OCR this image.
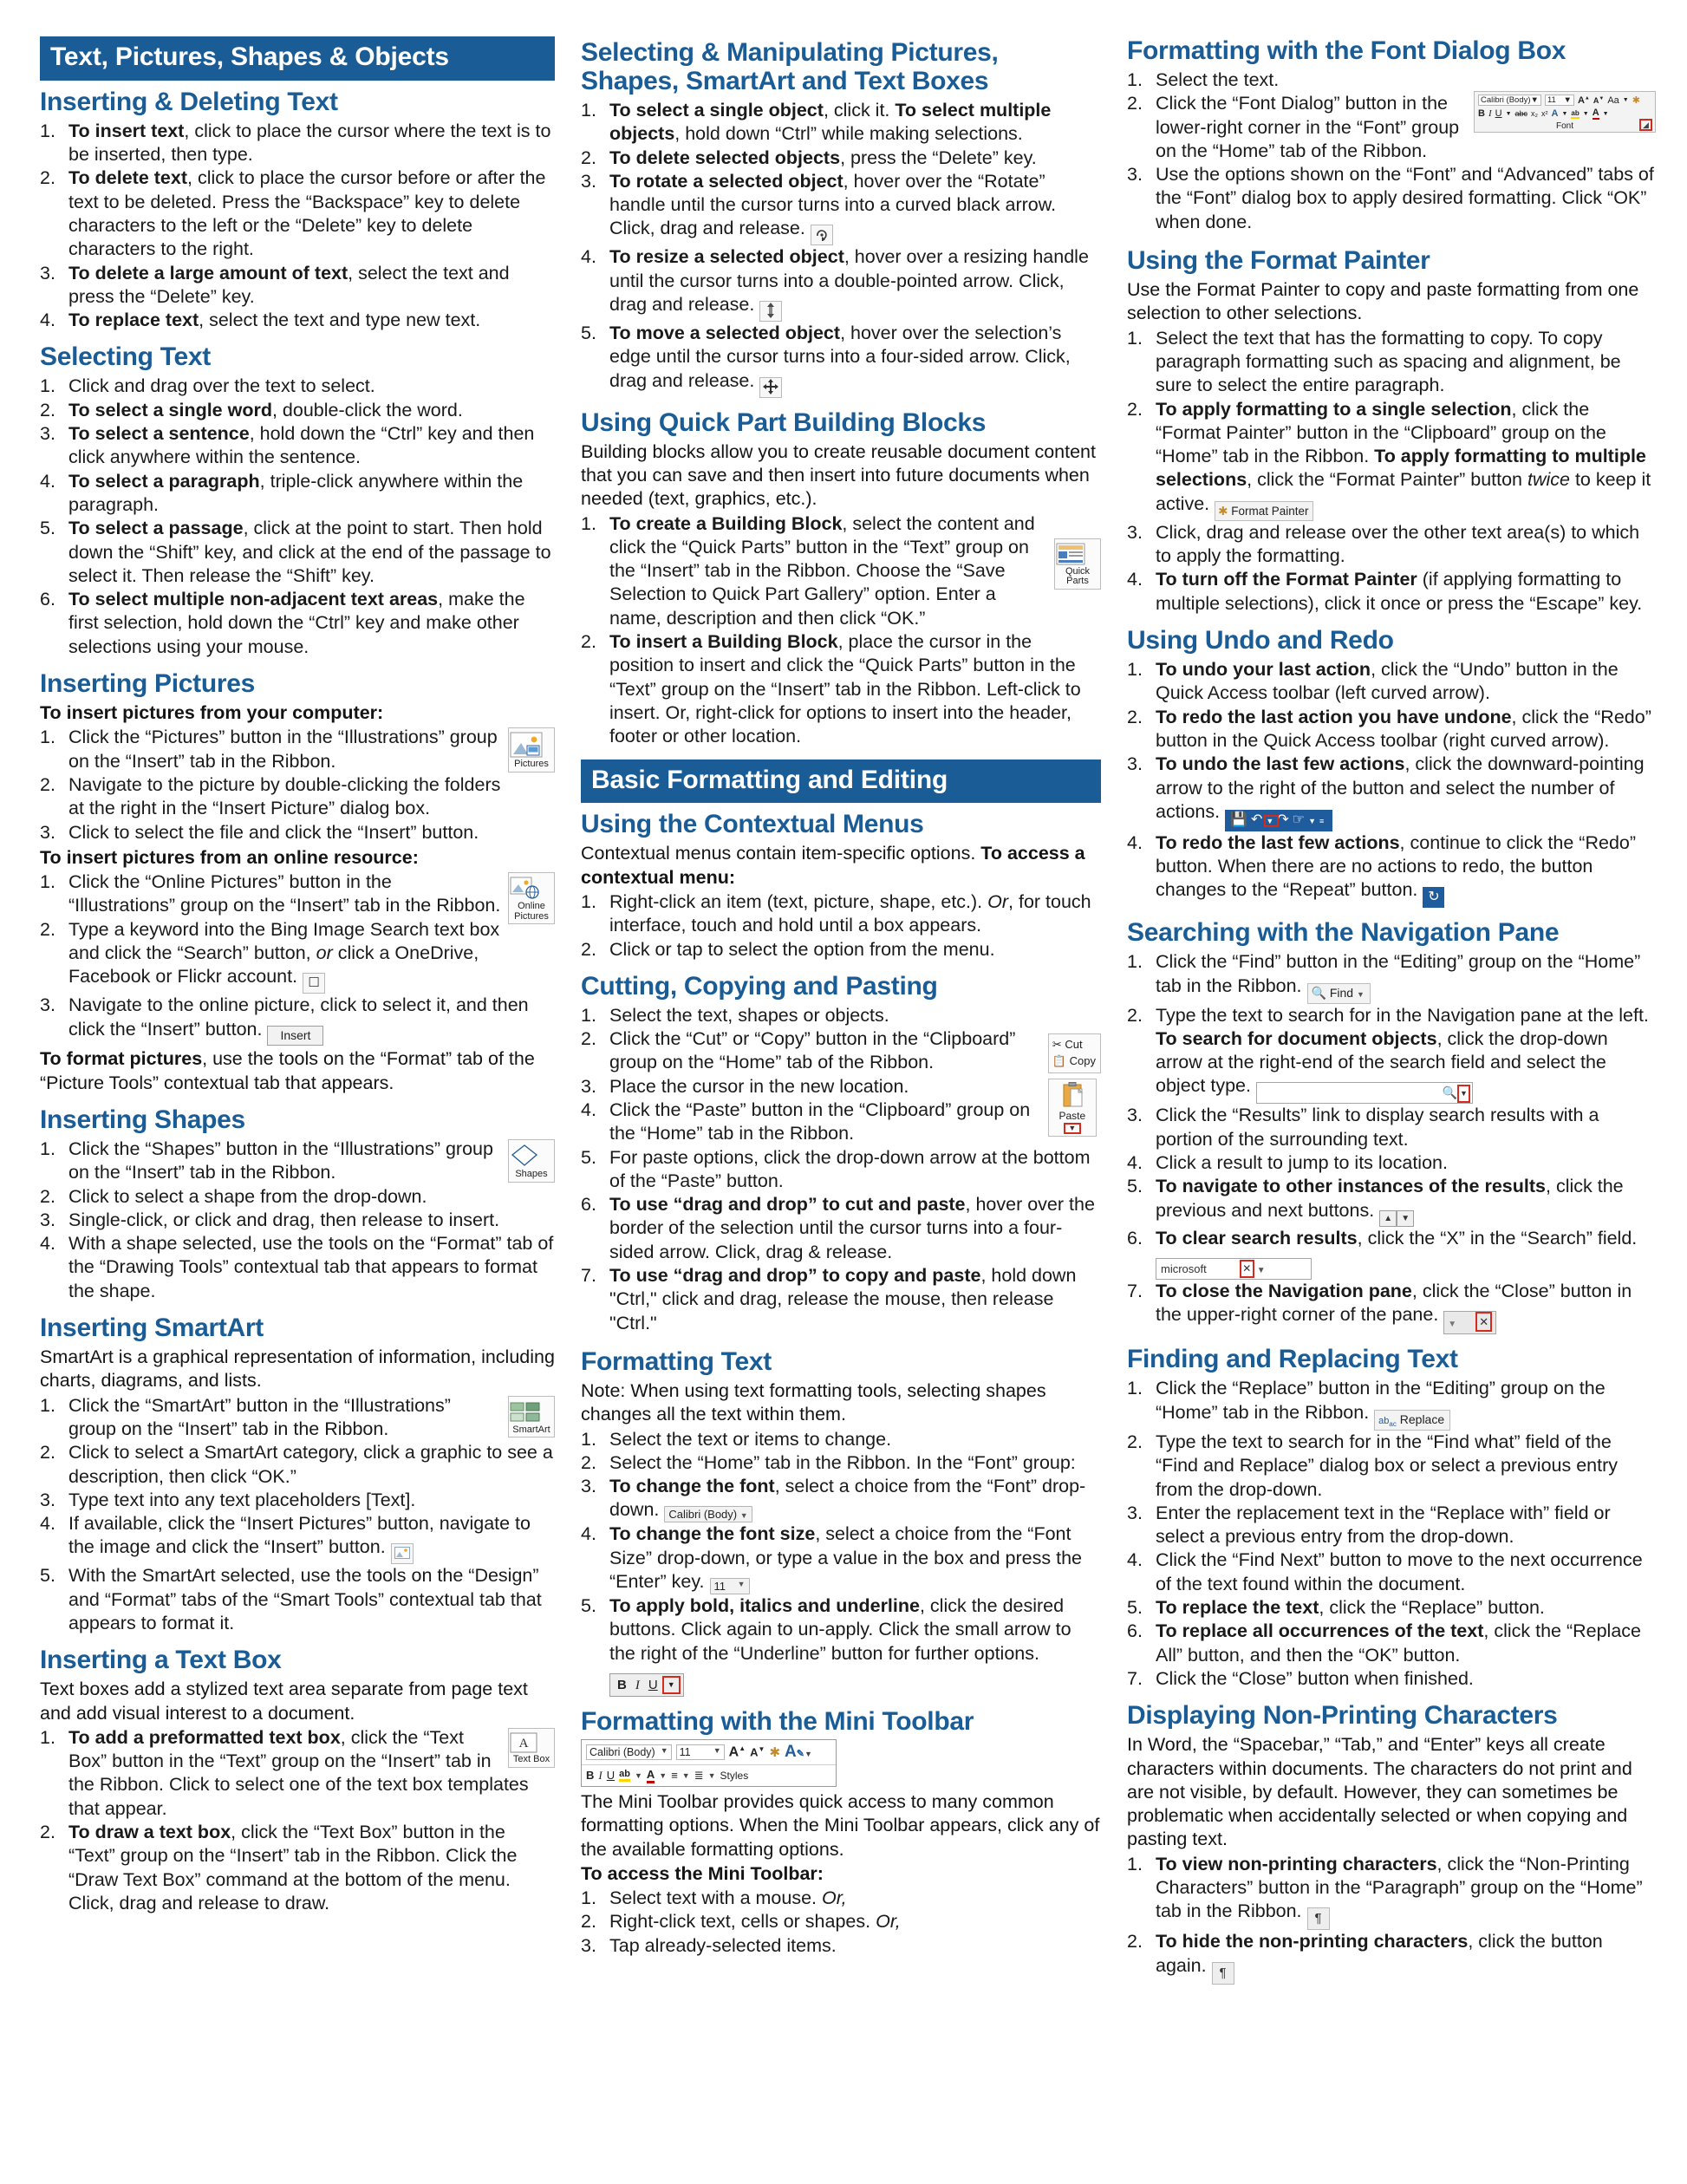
Text, Pictures, Shapes & Objects
Inserting & Deleting Text
To insert text, click to place the cursor where the text is to be inserted, then type.
To delete text, click to place the cursor before or after the text to be deleted. Press the “Backspace” key to delete characters to the left or the “Delete” key to delete characters to the right.
To delete a large amount of text, select the text and press the “Delete” key.
To replace text, select the text and type new text.
Selecting Text
Click and drag over the text to select.
To select a single word, double-click the word.
To select a sentence, hold down the “Ctrl” key and then click anywhere within the sentence.
To select a paragraph, triple-click anywhere within the paragraph.
To select a passage, click at the point to start. Then hold down the “Shift” key, and click at the end of the passage to select it. Then release the “Shift” key.
To select multiple non-adjacent text areas, make the first selection, hold down the “Ctrl” key and make other selections using your mouse.
Inserting Pictures

To insert pictures from your computer:

Pictures
Click the “Pictures” button in the “Illustrations” group on the “Insert” tab in the Ribbon.
Navigate to the picture by double-clicking the folders at the right in the “Insert Picture” dialog box.
Click to select the file and click the “Insert” button.

To insert pictures from an online resource:

Online Pictures
Click the “Online Pictures” button in the “Illustrations” group on the “Insert” tab in the Ribbon.
Type a keyword into the Bing Image Search text box and click the “Search” button, or click a OneDrive, Facebook or Flickr account. ☐
Navigate to the online picture, click to select it, and then click the “Insert” button. Insert

To format pictures, use the tools on the “Format” tab of the “Picture Tools” contextual tab that appears.

Inserting Shapes
Shapes
Click the “Shapes” button in the “Illustrations” group on the “Insert” tab in the Ribbon.
Click to select a shape from the drop-down.
Single-click, or click and drag, then release to insert.
With a shape selected, use the tools on the “Format” tab of the “Drawing Tools” contextual tab that appears to format the shape.
Inserting SmartArt

SmartArt is a graphical representation of information, including charts, diagrams, and lists.

SmartArt
Click the “SmartArt” button in the “Illustrations” group on the “Insert” tab in the Ribbon.
Click to select a SmartArt category, click a graphic to see a description, then click “OK.”
Type text into any text placeholders [Text].
If available, click the “Insert Pictures” button, navigate to the image and click the “Insert” button.
With the SmartArt selected, use the tools on the “Design” and “Format” tabs of the “Smart Tools” contextual tab that appears to format it.
Inserting a Text Box

Text boxes add a stylized text area separate from page text and add visual interest to a document.

A
Text Box
To add a preformatted text box, click the “Text Box” button in the “Text” group on the “Insert” tab in the Ribbon. Click to select one of the text box templates that appear.
To draw a text box, click the “Text Box” button in the “Text” group on the “Insert” tab in the Ribbon. Click the “Draw Text Box” command at the bottom of the menu. Click, drag and release to draw.
Selecting & Manipulating Pictures, Shapes, SmartArt and Text Boxes
To select a single object, click it. To select multiple objects, hold down “Ctrl” while making selections.
To delete selected objects, press the “Delete” key.
To rotate a selected object, hover over the “Rotate” handle until the cursor turns into a curved black arrow. Click, drag and release.
To resize a selected object, hover over a resizing handle until the cursor turns into a double-pointed arrow. Click, drag and release.
To move a selected object, hover over the selection’s edge until the cursor turns into a four-sided arrow. Click, drag and release.
Using Quick Part Building Blocks

Building blocks allow you to create reusable document content that you can save and then insert into future documents when needed (text, graphics, etc.).

Quick
Parts
To create a Building Block, select the content and click the “Quick Parts” button in the “Text” group on the “Insert” tab in the Ribbon. Choose the “Save Selection to Quick Part Gallery” option. Enter a name, description and then click “OK.”
To insert a Building Block, place the cursor in the position to insert and click the “Quick Parts” button in the “Text” group on the “Insert” tab in the Ribbon. Left-click to insert. Or, right-click for options to insert into the header, footer or other location.
Basic Formatting and Editing
Using the Contextual Menus

Contextual menus contain item-specific options. To access a contextual menu:

Right-click an item (text, picture, shape, etc.). Or, for touch interface, touch and hold until a box appears.
Click or tap to select the option from the menu.
Cutting, Copying and Pasting
✂ Cut
📋 Copy
Paste
▼
Select the text, shapes or objects.
Click the “Cut” or “Copy” button in the “Clipboard” group on the “Home” tab of the Ribbon.
Place the cursor in the new location.
Click the “Paste” button in the “Clipboard” group on the “Home” tab in the Ribbon.
For paste options, click the drop-down arrow at the bottom of the “Paste” button.
To use “drag and drop” to cut and paste, hover over the border of the selection until the cursor turns into a four-sided arrow. Click, drag & release.
To use “drag and drop” to copy and paste, hold down "Ctrl," click and drag, release the mouse, then release "Ctrl."
Formatting Text

Note: When using text formatting tools, selecting shapes changes all the text within them.

Select the text or items to change.
Select the “Home” tab in the Ribbon. In the “Font” group:
To change the font, select a choice from the “Font” drop-down. Calibri (Body) ▼
To change the font size, select a choice from the “Font Size” drop-down, or type a value in the box and press the “Enter” key. 11 ▼
To apply bold, italics and underline, click the desired buttons. Click again to un-apply. Click the small arrow to the right of the “Underline” button for further options. B I U ▼
Formatting with the Mini Toolbar
Calibri (Body) ▼ 11	▼ A▲ A▼ ✱ A✎▼
B I U ab ▼ A ▼ ≡ ▼ ≣ ▼ Styles

The Mini Toolbar provides quick access to many common formatting options. When the Mini Toolbar appears, click any of the available formatting options.

To access the Mini Toolbar:

Select text with a mouse. Or,
Right-click text, cells or shapes. Or,
Tap already-selected items.
Formatting with the Font Dialog Box
Calibri (Body) ▼ 11 ▼ A▲ A▼ Aa ▼ ✱
B I U ▼ abc x₂ x² A ▼ ab ▼ A ▼
Font	◢
Select the text.
Click the “Font Dialog” button in the lower-right corner in the “Font” group on the “Home” tab of the Ribbon.
Use the options shown on the “Font” and “Advanced” tabs of the “Font” dialog box to apply desired formatting. Click “OK” when done.
Using the Format Painter

Use the Format Painter to copy and paste formatting from one selection to other selections.

Select the text that has the formatting to copy. To copy paragraph formatting such as spacing and alignment, be sure to select the entire paragraph.
To apply formatting to a single selection, click the “Format Painter” button in the “Clipboard” group on the “Home” tab in the Ribbon. To apply formatting to multiple selections, click the “Format Painter” button twice to keep it active. ✱ Format Painter
Click, drag and release over the other text area(s) to which to apply the formatting.
To turn off the Format Painter (if applying formatting to multiple selections), click it once or press the “Escape” key.
Using Undo and Redo
To undo your last action, click the “Undo” button in the Quick Access toolbar (left curved arrow).
To redo the last action you have undone, click the “Redo” button in the Quick Access toolbar (right curved arrow).
To undo the last few actions, click the downward-pointing arrow to the right of the button and select the number of actions. 💾↶▼↷☞▼≡
To redo the last few actions, continue to click the “Redo” button. When there are no actions to redo, the button changes to the “Repeat” button. ↻
Searching with the Navigation Pane
Click the “Find” button in the “Editing” group on the “Home” tab in the Ribbon. 🔍 Find ▼
Type the text to search for in the Navigation pane at the left. To search for document objects, click the drop-down arrow at the right-end of the search field and select the object type.	🔍 ▼
Click the “Results” link to display search results with a portion of the surrounding text.
Click a result to jump to its location.
To navigate to other instances of the results, click the previous and next buttons. ▲ ▼
To clear search results, click the “X” in the “Search” field. microsoft	✕ ▼
To close the Navigation pane, click the “Close” button in the upper-right corner of the pane. ▼ ✕
Finding and Replacing Text
Click the “Replace” button in the “Editing” group on the “Home” tab in the Ribbon. $ab_{ac}$ Replace
Type the text to search for in the “Find what” field of the “Find and Replace” dialog box or select a previous entry from the drop-down.
Enter the replacement text in the “Replace with” field or select a previous entry from the drop-down.
Click the “Find Next” button to move to the next occurrence of the text found within the document.
To replace the text, click the “Replace” button.
To replace all occurrences of the text, click the “Replace All” button, and then the “OK” button.
Click the “Close” button when finished.
Displaying Non-Printing Characters

In Word, the “Spacebar,” “Tab,” and “Enter” keys all create characters within documents. The characters do not print and are not visible, by default. However, they can sometimes be problematic when accidentally selected or when copying and pasting text.

To view non-printing characters, click the “Non-Printing Characters” button in the “Paragraph” group on the “Home” tab in the Ribbon. ¶
To hide the non-printing characters, click the button again. ¶
